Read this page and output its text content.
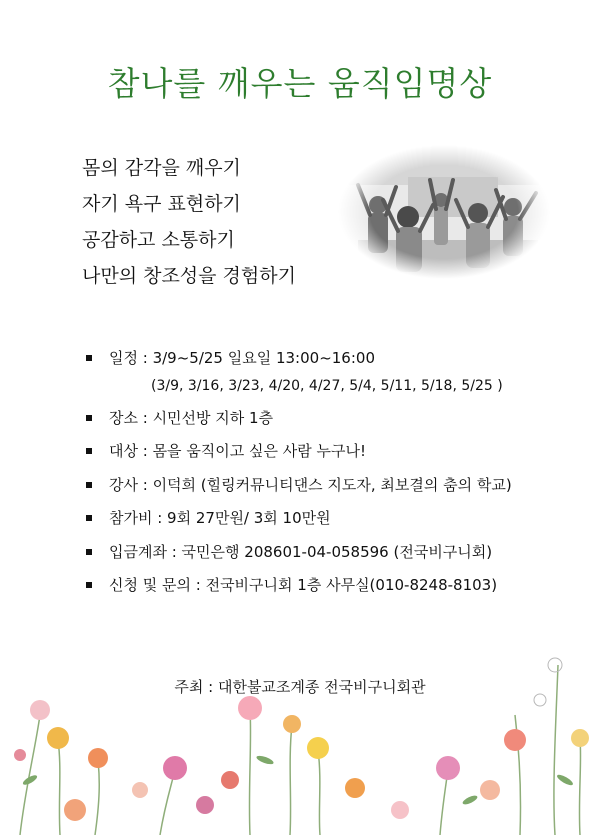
참나를 깨우는 움직임명상
몸의 감각을 깨우기
자기 욕구 표현하기
공감하고 소통하기
나만의 창조성을 경험하기
일정 : 3/9~5/25 일요일 13:00~16:00
(3/9, 3/16, 3/23, 4/20, 4/27, 5/4, 5/11, 5/18, 5/25 )
장소 : 시민선방 지하 1층
대상 : 몸을 움직이고 싶은 사람 누구나!
강사 : 이덕희 (힐링커뮤니티댄스 지도자, 최보결의 춤의 학교)
참가비 : 9회 27만원/ 3회 10만원
입금계좌 : 국민은행 208601-04-058596 (전국비구니회)
신청 및 문의 : 전국비구니회 1층 사무실(010-8248-8103)
주최 : 대한불교조계종 전국비구니회관
